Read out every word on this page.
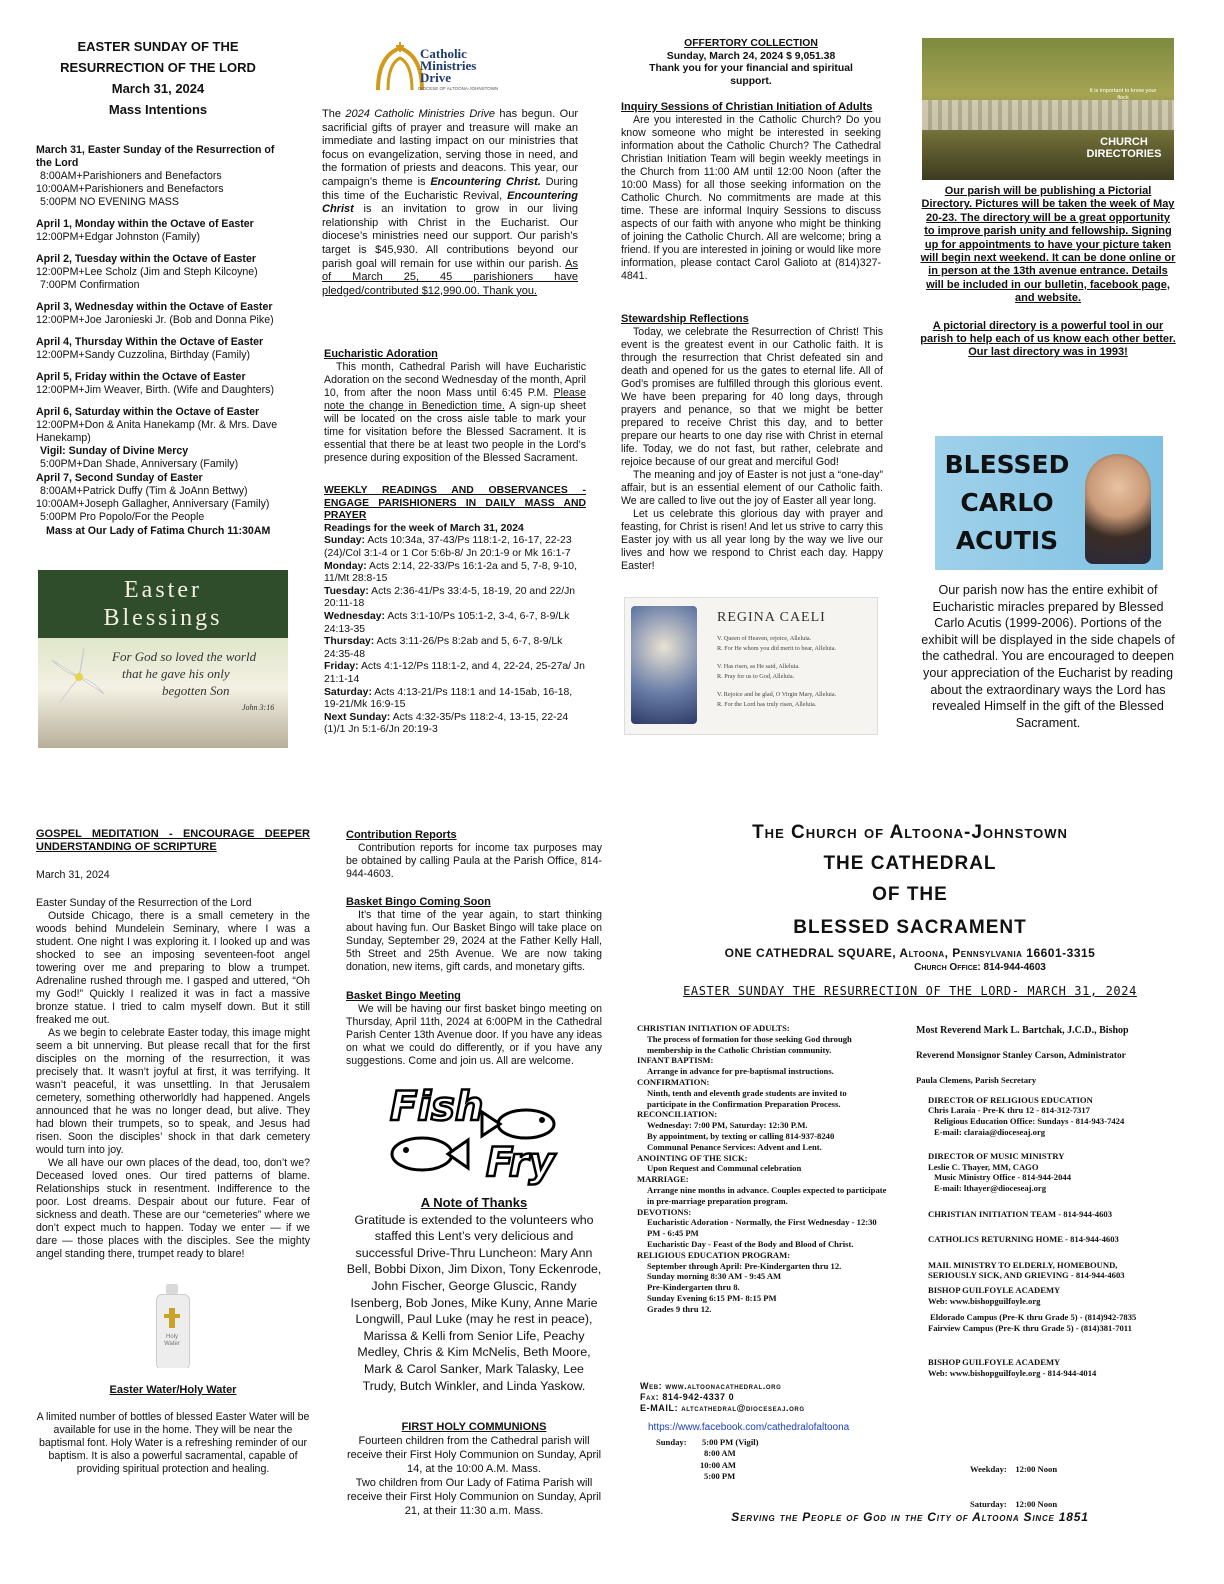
EASTER SUNDAY OF THE
RESURRECTION OF THE LORD
March 31, 2024
Mass Intentions
March 31, Easter Sunday of the Resurrection of the Lord
8:00AM+Parishioners and Benefactors
10:00AM+Parishioners and Benefactors
5:00PM NO EVENING MASS
April 1, Monday within the Octave of Easter
12:00PM+Edgar Johnston (Family)
April 2, Tuesday within the Octave of Easter
12:00PM+Lee Scholz (Jim and Steph Kilcoyne)
7:00PM Confirmation
April 3, Wednesday within the Octave of Easter
12:00PM+Joe Jaronieski Jr. (Bob and Donna Pike)
April 4, Thursday Within the Octave of Easter
12:00PM+Sandy Cuzzolina, Birthday (Family)
April 5, Friday within the Octave of Easter
12:00PM+Jim Weaver, Birth. (Wife and Daughters)
April 6, Saturday within the Octave of Easter
12:00PM+Don & Anita Hanekamp (Mr. & Mrs. Dave Hanekamp)
Vigil: Sunday of Divine Mercy
5:00PM+Dan Shade, Anniversary (Family)
April 7, Second Sunday of Easter
8:00AM+Patrick Duffy (Tim & JoAnn Bettwy)
10:00AM+Joseph Gallagher, Anniversary (Family)
5:00PM Pro Popolo/For the People
Mass at Our Lady of Fatima Church 11:30AM
Easter
Blessings
For God so loved the world
that he gave his only
begotten Son
John 3:16
Catholic
Ministries
Drive
DIOCESE OF ALTOONA-JOHNSTOWN
The 2024 Catholic Ministries Drive has begun. Our sacrificial gifts of prayer and treasure will make an immediate and lasting impact on our ministries that focus on evangelization, serving those in need, and the formation of priests and deacons. This year, our campaign’s theme is Encountering Christ. During this time of the Eucharistic Revival, Encountering Christ is an invitation to grow in our living relationship with Christ in the Eucharist. Our diocese’s ministries need our support. Our parish’s target is $45,930. All contributions beyond our parish goal will remain for use within our parish. As of March 25, 45 parishioners have pledged/contributed $12,990.00. Thank you.
Eucharistic Adoration

This month, Cathedral Parish will have Eucharistic Adoration on the second Wednesday of the month, April 10, from after the noon Mass until 6:45 P.M. Please note the change in Benediction time. A sign-up sheet will be located on the cross aisle table to mark your time for visitation before the Blessed Sacrament. It is essential that there be at least two people in the Lord’s presence during exposition of the Blessed Sacrament.

WEEKLY READINGS AND OBSERVANCES - ENGAGE PARISHIONERS IN DAILY MASS AND PRAYER
Readings for the week of March 31, 2024
Sunday: Acts 10:34a, 37-43/Ps 118:1-2, 16-17, 22-23 (24)/Col 3:1-4 or 1 Cor 5:6b-8/ Jn 20:1-9 or Mk 16:1-7
Monday: Acts 2:14, 22-33/Ps 16:1-2a and 5, 7-8, 9-10, 11/Mt 28:8-15
Tuesday: Acts 2:36-41/Ps 33:4-5, 18-19, 20 and 22/Jn 20:11-18
Wednesday: Acts 3:1-10/Ps 105:1-2, 3-4, 6-7, 8-9/Lk 24:13-35
Thursday: Acts 3:11-26/Ps 8:2ab and 5, 6-7, 8-9/Lk 24:35-48
Friday: Acts 4:1-12/Ps 118:1-2, and 4, 22-24, 25-27a/ Jn 21:1-14
Saturday: Acts 4:13-21/Ps 118:1 and 14-15ab, 16-18, 19-21/Mk 16:9-15
Next Sunday: Acts 4:32-35/Ps 118:2-4, 13-15, 22-24 (1)/1 Jn 5:1-6/Jn 20:19-3
OFFERTORY COLLECTION
Sunday, March 24, 2024 $ 9,051.38
Thank you for your financial and spiritual support.
Inquiry Sessions of Christian Initiation of Adults

Are you interested in the Catholic Church? Do you know someone who might be interested in seeking information about the Catholic Church? The Cathedral Christian Initiation Team will begin weekly meetings in the Church from 11:00 AM until 12:00 Noon (after the 10:00 Mass) for all those seeking information on the Catholic Church. No commitments are made at this time. These are informal Inquiry Sessions to discuss aspects of our faith with anyone who might be thinking of joining the Catholic Church. All are welcome; bring a friend. If you are interested in joining or would like more information, please contact Carol Galioto at (814)327-4841.

Stewardship Reflections

Today, we celebrate the Resurrection of Christ! This event is the greatest event in our Catholic faith. It is through the resurrection that Christ defeated sin and death and opened for us the gates to eternal life. All of God’s promises are fulfilled through this glorious event. We have been preparing for 40 long days, through prayers and penance, so that we might be better prepared to receive Christ this day, and to better prepare our hearts to one day rise with Christ in eternal life. Today, we do not fast, but rather, celebrate and rejoice because of our great and merciful God!

The meaning and joy of Easter is not just a “one-day” affair, but is an essential element of our Catholic faith. We are called to live out the joy of Easter all year long.

Let us celebrate this glorious day with prayer and feasting, for Christ is risen! And let us strive to carry this Easter joy with us all year long by the way we live our lives and how we respond to Christ each day. Happy Easter!

REGINA CAELI
V. Queen of Heaven, rejoice, Alleluia.
R. For He whom you did merit to bear, Alleluia.
V. Has risen, as He said, Alleluia.
R. Pray for us to God, Alleluia.
V. Rejoice and be glad, O Virgin Mary, Alleluia.
R. For the Lord has truly risen, Alleluia.
It is important to know your flock
CHURCH
DIRECTORIES

Our parish will be publishing a Pictorial Directory. Pictures will be taken the week of May 20-23. The directory will be a great opportunity to improve parish unity and fellowship. Signing up for appointments to have your picture taken will begin next weekend. It can be done online or in person at the 13th avenue entrance. Details will be included in our bulletin, facebook page, and website.

A pictorial directory is a powerful tool in our parish to help each of us know each other better. Our last directory was in 1993!

BLESSED
CARLO
ACUTIS
Our parish now has the entire exhibit of Eucharistic miracles prepared by Blessed Carlo Acutis (1999-2006). Portions of the exhibit will be displayed in the side chapels of the cathedral. You are encouraged to deepen your appreciation of the Eucharist by reading about the extraordinary ways the Lord has revealed Himself in the gift of the Blessed Sacrament.
GOSPEL MEDITATION - ENCOURAGE DEEPER UNDERSTANDING OF SCRIPTURE
March 31, 2024
Easter Sunday of the Resurrection of the Lord

Outside Chicago, there is a small cemetery in the woods behind Mundelein Seminary, where I was a student. One night I was exploring it. I looked up and was shocked to see an imposing seventeen-foot angel towering over me and preparing to blow a trumpet. Adrenaline rushed through me. I gasped and uttered, “Oh my God!” Quickly I realized it was in fact a massive bronze statue. I tried to calm myself down. But it still freaked me out.

As we begin to celebrate Easter today, this image might seem a bit unnerving. But please recall that for the first disciples on the morning of the resurrection, it was precisely that. It wasn’t joyful at first, it was terrifying. It wasn’t peaceful, it was unsettling. In that Jerusalem cemetery, something otherworldly had happened. Angels announced that he was no longer dead, but alive. They had blown their trumpets, so to speak, and Jesus had risen. Soon the disciples’ shock in that dark cemetery would turn into joy.

We all have our own places of the dead, too, don’t we? Deceased loved ones. Our tired patterns of blame. Relationships stuck in resentment. Indifference to the poor. Lost dreams. Despair about our future. Fear of sickness and death. These are our “cemeteries” where we don’t expect much to happen. Today we enter — if we dare — those places with the disciples. See the mighty angel standing there, trumpet ready to blare!

Holy
Water
Easter Water/Holy Water

A limited number of bottles of blessed Easter Water will be available for use in the home. They will be near the baptismal font. Holy Water is a refreshing reminder of our baptism. It is also a powerful sacramental, capable of providing spiritual protection and healing.

Contribution Reports

Contribution reports for income tax purposes may be obtained by calling Paula at the Parish Office, 814-944-4603.

Basket Bingo Coming Soon

It’s that time of the year again, to start thinking about having fun. Our Basket Bingo will take place on Sunday, September 29, 2024 at the Father Kelly Hall, 5th Street and 25th Avenue. We are now taking donation, new items, gift cards, and monetary gifts.

Basket Bingo Meeting

We will be having our first basket bingo meeting on Thursday, April 11th, 2024 at 6:00PM in the Cathedral Parish Center 13th Avenue door. If you have any ideas on what we could do differently, or if you have any suggestions. Come and join us. All are welcome.

Fish
Fry
A Note of Thanks

Gratitude is extended to the volunteers who staffed this Lent’s very delicious and successful Drive-Thru Luncheon: Mary Ann Bell, Bobbi Dixon, Jim Dixon, Tony Eckenrode, John Fischer, George Gluscic, Randy Isenberg, Bob Jones, Mike Kuny, Anne Marie Longwill, Paul Luke (may he rest in peace), Marissa & Kelli from Senior Life, Peachy Medley, Chris & Kim McNelis, Beth Moore, Mark & Carol Sanker, Mark Talasky, Lee Trudy, Butch Winkler, and Linda Yaskow.

FIRST HOLY COMMUNIONS

Fourteen children from the Cathedral parish will receive their First Holy Communion on Sunday, April 14, at the 10:00 A.M. Mass.

Two children from Our Lady of Fatima Parish will receive their First Holy Communion on Sunday, April 21, at their 11:30 a.m. Mass.

The Church of Altoona-Johnstown
THE CATHEDRAL
OF THE
BLESSED SACRAMENT
ONE CATHEDRAL SQUARE, Altoona, Pennsylvania 16601-3315
Church Office: 814-944-4603
EASTER SUNDAY THE RESURRECTION OF THE LORD- MARCH 31, 2024
CHRISTIAN INITIATION OF ADULTS:
The process of formation for those seeking God through membership in the Catholic Christian community.
INFANT BAPTISM:
Arrange in advance for pre-baptismal instructions.
CONFIRMATION:
Ninth, tenth and eleventh grade students are invited to participate in the Confirmation Preparation Process.
RECONCILIATION:
Wednesday: 7:00 PM, Saturday: 12:30 P.M.
By appointment, by texting or calling 814-937-8240
Communal Penance Services: Advent and Lent.
ANOINTING OF THE SICK:
Upon Request and Communal celebration
MARRIAGE:
Arrange nine months in advance. Couples expected to participate in pre-marriage preparation program.
DEVOTIONS:
Eucharistic Adoration - Normally, the First Wednesday - 12:30 PM - 6:45 PM
Eucharistic Day - Feast of the Body and Blood of Christ.
RELIGIOUS EDUCATION PROGRAM:
September through April: Pre-Kindergarten thru 12.
Sunday morning 8:30 AM - 9:45 AM
Pre-Kindergarten thru 8.
Sunday Evening 6:15 PM- 8:15 PM
Grades 9 thru 12.
Web: www.altoonacathedral.org
Fax: 814-942-4337 0
E-MAIL: altcathedral@dioceseaj.org
https://www.facebook.com/cathedralofaltoona
Sunday: 5:00 PM (Vigil)
8:00 AM
10:00 AM
5:00 PM

Weekday:    12:00 Noon

Saturday:    12:00 Noon

Most Reverend Mark L. Bartchak, J.C.D., Bishop
Reverend Monsignor Stanley Carson, Administrator
Paula Clemens, Parish Secretary
DIRECTOR OF RELIGIOUS EDUCATION
Chris Laraia - Pre-K thru 12 - 814-312-7317
Religious Education Office: Sundays - 814-943-7424
E-mail: claraia@dioceseaj.org
DIRECTOR OF MUSIC MINISTRY
Leslie C. Thayer, MM, CAGO
Music Ministry Office - 814-944-2044
E-mail: lthayer@dioceseaj.org
CHRISTIAN INITIATION TEAM - 814-944-4603
CATHOLICS RETURNING HOME - 814-944-4603
MAIL MINISTRY TO ELDERLY, HOMEBOUND, SERIOUSLY SICK, AND GRIEVING - 814-944-4603
BISHOP GUILFOYLE ACADEMY
Web: www.bishopguilfoyle.org
Eldorado Campus (Pre-K thru Grade 5) - (814)942-7835
Fairview Campus (Pre-K thru Grade 5) - (814)381-7011
BISHOP GUILFOYLE ACADEMY
Web: www.bishopguilfoyle.org - 814-944-4014
Serving the People of God in the City of Altoona Since 1851
